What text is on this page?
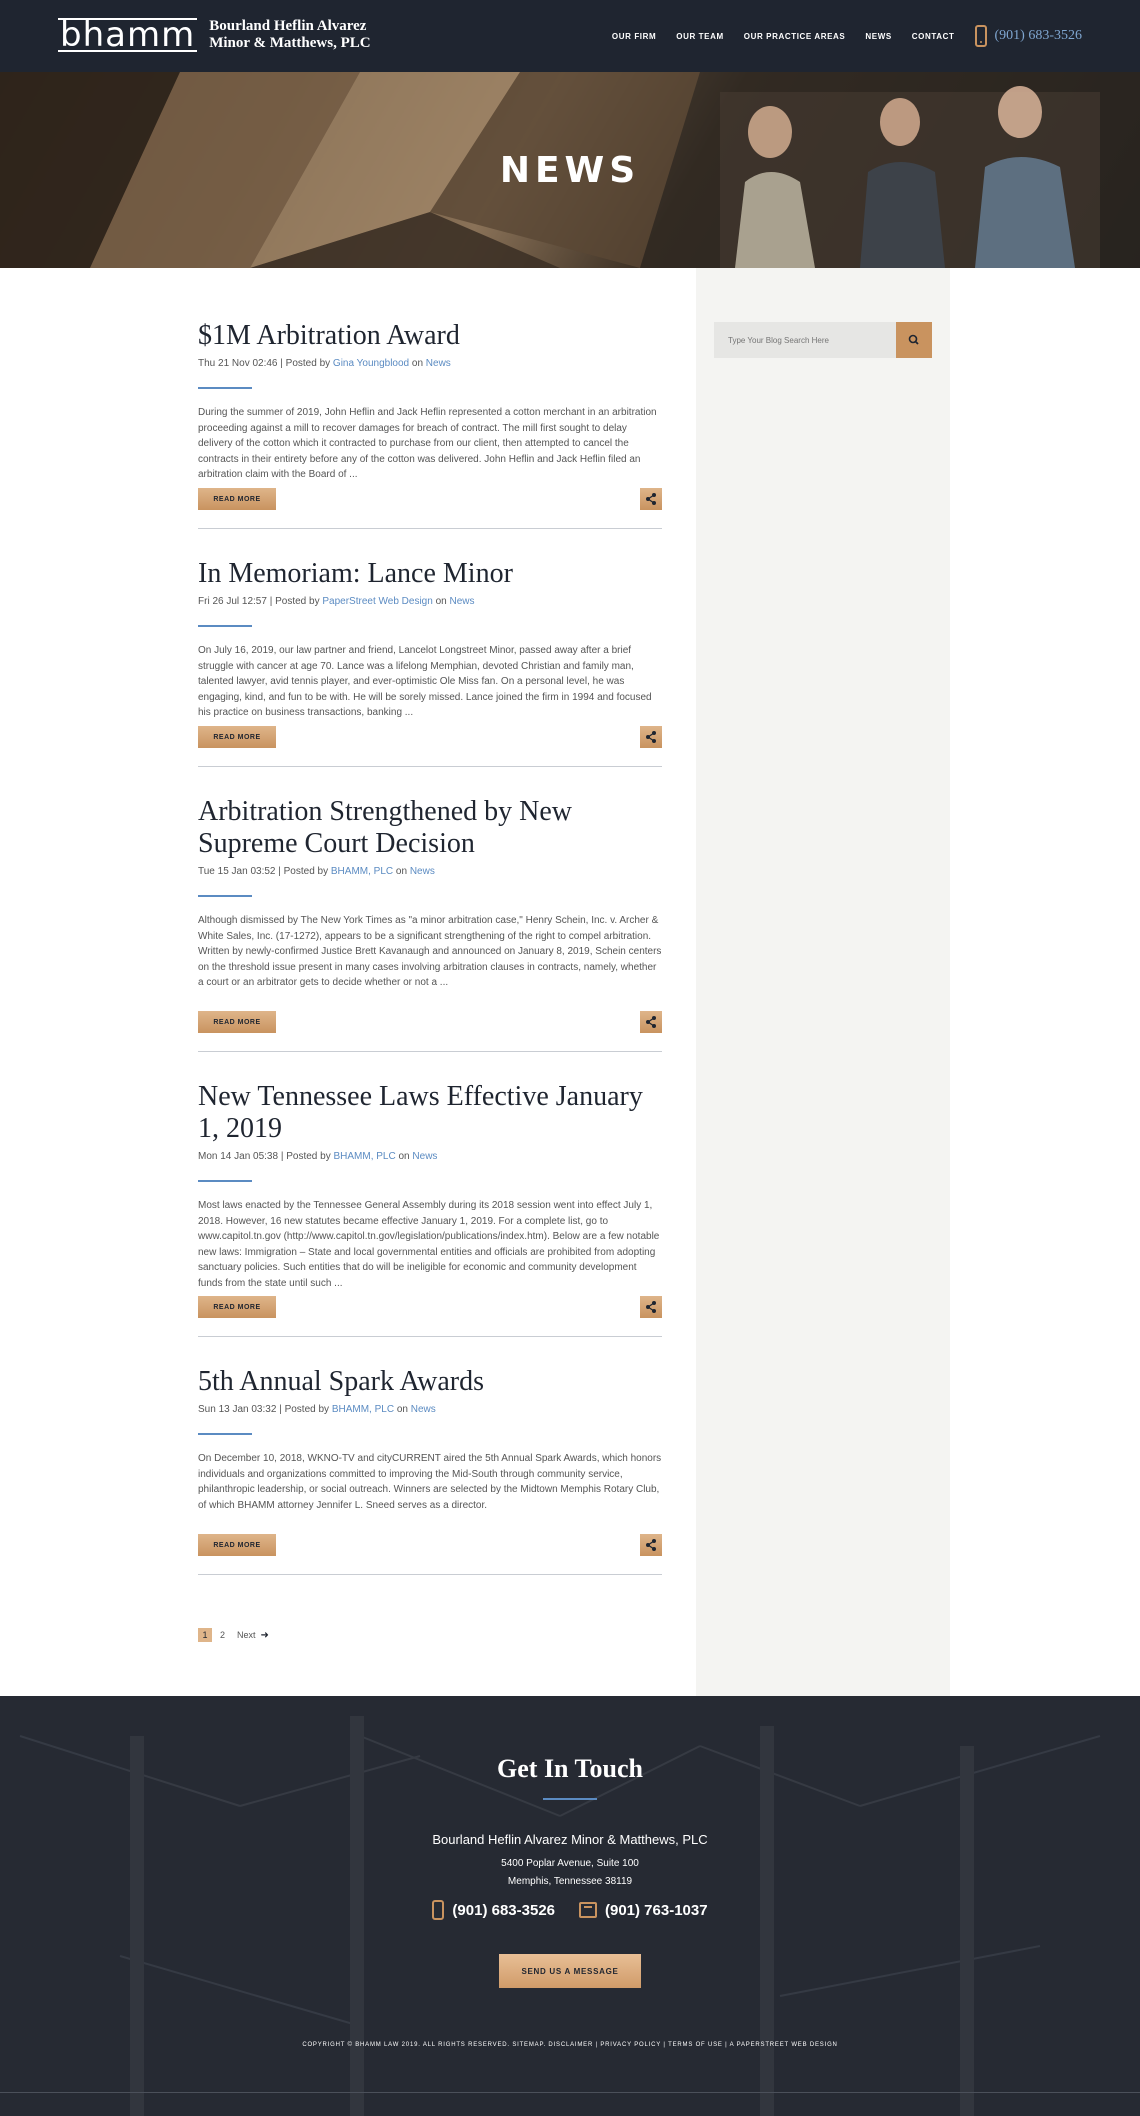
bhamm Bourland Heflin Alvarez
Minor & Matthews, PLC	OUR FIRM	OUR TEAM	OUR PRACTICE AREAS	NEWS	CONTACT	(901) 683-3526
NEWS
$1M Arbitration Award
Thu 21 Nov 02:46 | Posted by Gina Youngblood on News

During the summer of 2019, John Heflin and Jack Heflin represented a cotton merchant in an arbitration proceeding against a mill to recover damages for breach of contract. The mill first sought to delay delivery of the cotton which it contracted to purchase from our client, then attempted to cancel the contracts in their entirety before any of the cotton was delivered. John Heflin and Jack Heflin filed an arbitration claim with the Board of ...

READ MORE
In Memoriam: Lance Minor
Fri 26 Jul 12:57 | Posted by PaperStreet Web Design on News

On July 16, 2019, our law partner and friend, Lancelot Longstreet Minor, passed away after a brief struggle with cancer at age 70. Lance was a lifelong Memphian, devoted Christian and family man, talented lawyer, avid tennis player, and ever-optimistic Ole Miss fan. On a personal level, he was engaging, kind, and fun to be with. He will be sorely missed. Lance joined the firm in 1994 and focused his practice on business transactions, banking ...

READ MORE
Arbitration Strengthened by New Supreme Court Decision
Tue 15 Jan 03:52 | Posted by BHAMM, PLC on News

Although dismissed by The New York Times as "a minor arbitration case," Henry Schein, Inc. v. Archer & White Sales, Inc. (17-1272), appears to be a significant strengthening of the right to compel arbitration. Written by newly-confirmed Justice Brett Kavanaugh and announced on January 8, 2019, Schein centers on the threshold issue present in many cases involving arbitration clauses in contracts, namely, whether a court or an arbitrator gets to decide whether or not a ...

READ MORE
New Tennessee Laws Effective January 1, 2019
Mon 14 Jan 05:38 | Posted by BHAMM, PLC on News

Most laws enacted by the Tennessee General Assembly during its 2018 session went into effect July 1, 2018. However, 16 new statutes became effective January 1, 2019. For a complete list, go to www.capitol.tn.gov (http://www.capitol.tn.gov/legislation/publications/index.htm). Below are a few notable new laws: Immigration – State and local governmental entities and officials are prohibited from adopting sanctuary policies. Such entities that do will be ineligible for economic and community development funds from the state until such ...

READ MORE
5th Annual Spark Awards
Sun 13 Jan 03:32 | Posted by BHAMM, PLC on News

On December 10, 2018, WKNO-TV and cityCURRENT aired the 5th Annual Spark Awards, which honors individuals and organizations committed to improving the Mid-South through community service, philanthropic leadership, or social outreach. Winners are selected by the Midtown Memphis Rotary Club, of which BHAMM attorney Jennifer L. Sneed serves as a director.

READ MORE
1	2 Next ➜
Type Your Blog Search Here
Get In Touch
Bourland Heflin Alvarez Minor & Matthews, PLC
5400 Poplar Avenue, Suite 100
Memphis, Tennessee 38119
(901) 683-3526	(901) 763-1037
SEND US A MESSAGE
COPYRIGHT © BHAMM LAW 2019. ALL RIGHTS RESERVED. SITEMAP. DISCLAIMER | PRIVACY POLICY | TERMS OF USE | A PAPERSTREET WEB DESIGN
